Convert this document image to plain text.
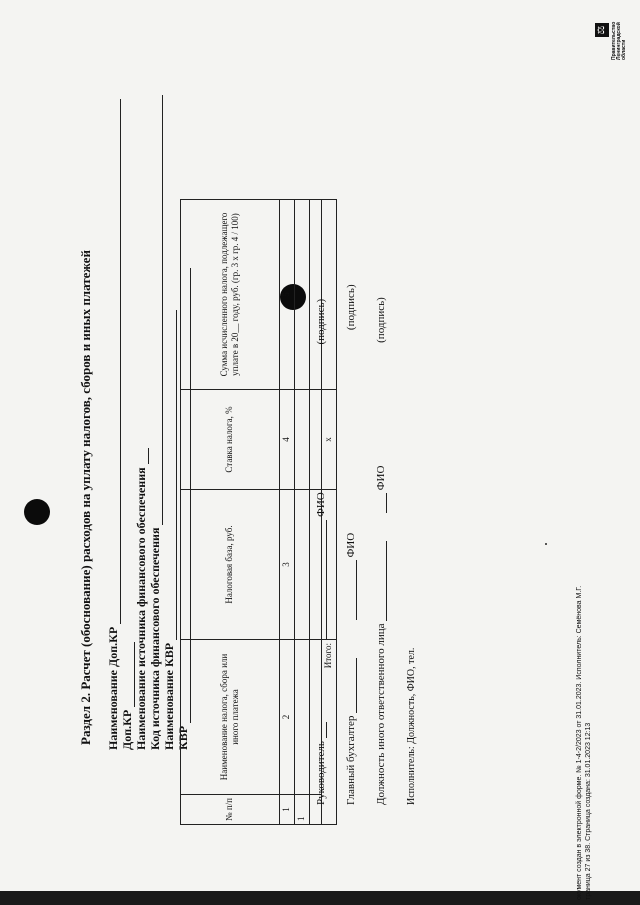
Раздел 2. Расчет (обоснование) расходов на уплату налогов, сборов и иных платежей Наименование Доп.КР Доп.КР Наименование источника финансового обеспечения Код источника финансового обеспечения Наименование КВР КВР
№ п/п	Наименование налога, сбора или иного платежа	Налоговая база, руб.	Ставка налога, %	Сумма исчисленного налога, подлежащего уплате в 20__ году, руб. (гр. 3 х гр. 4 / 100)
1	2	3	4	5
1				

Итого:			х	
Руководитель   ФИО (подпись)
Главный бухгалтер   ФИО (подпись)
Должность иного ответственного лица   ФИО (подпись)
Исполнитель: Должность, ФИО, тел.	окумент создан в электронной форме. № 1-4-2/2023 от 31.01.2023. Исполнитель: Семёнова М.Г. траница 27 из 38. Страница создана: 31.01.2023 12:13
⚖ Правительство Ленинградской области
